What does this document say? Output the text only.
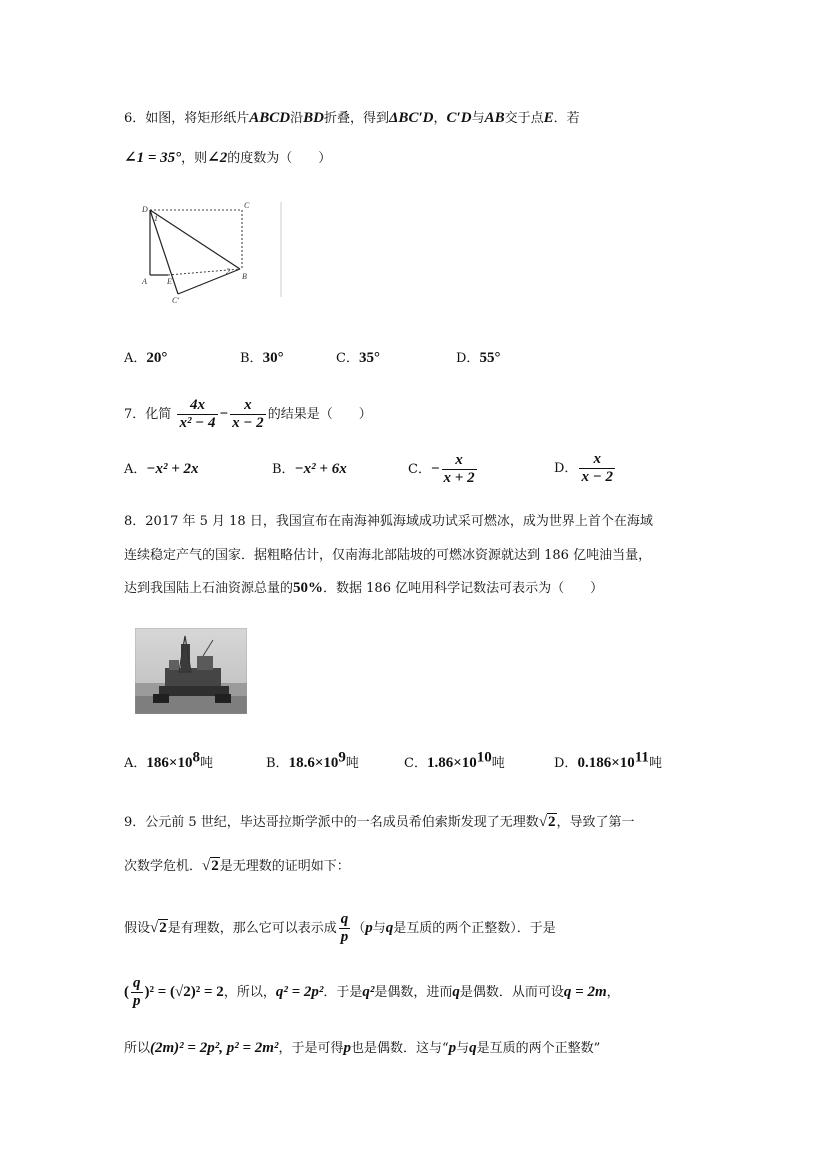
6．如图，将矩形纸片ABCD沿BD折叠，得到ΔBC′D，C′D与AB交于点E．若
∠1 = 35°，则∠2的度数为（　　）
D	C
A	E
B
C′
1
2
A．20°	B．30°	C．35°	D．55°
7．化简 $\frac{4x}{\text{x² − 4}} - \frac{x}{x - 2}$ 的结果是（　　）
A．−x² + 2x	B．−x² + 6x	C．− $\frac{x}{x + 2}$	D． $\frac{x}{x - 2}$
8．2017 年 5 月 18 日，我国宣布在南海神狐海域成功试采可燃冰，成为世界上首个在海域
连续稳定产气的国家．据粗略估计，仅南海北部陆坡的可燃冰资源就达到 186 亿吨油当量，
达到我国陆上石油资源总量的50%．数据 186 亿吨用科学记数法可表示为（　　）
A．$186\times 10^8$吨	B．$18.6\times 10^9$吨	C．$1.86\times 10^{10}$吨	D．$0.186\times 10^{11}$吨
9．公元前 5 世纪，毕达哥拉斯学派中的一名成员希伯索斯发现了无理数√2，导致了第一
次数学危机．√2是无理数的证明如下：
假设√2是有理数，那么它可以表示成 $\frac{q}{p} (p$与q是互质的两个正整数）．于是
( $\frac{q}{p} )^2 = (√2)^2 = 2$，所以，q² = 2p²．于是q²是偶数，进而q是偶数．从而可设q = 2m，
所以(2m)² = 2p², p² = 2m²，于是可得p也是偶数．这与“p与q是互质的两个正整数”
